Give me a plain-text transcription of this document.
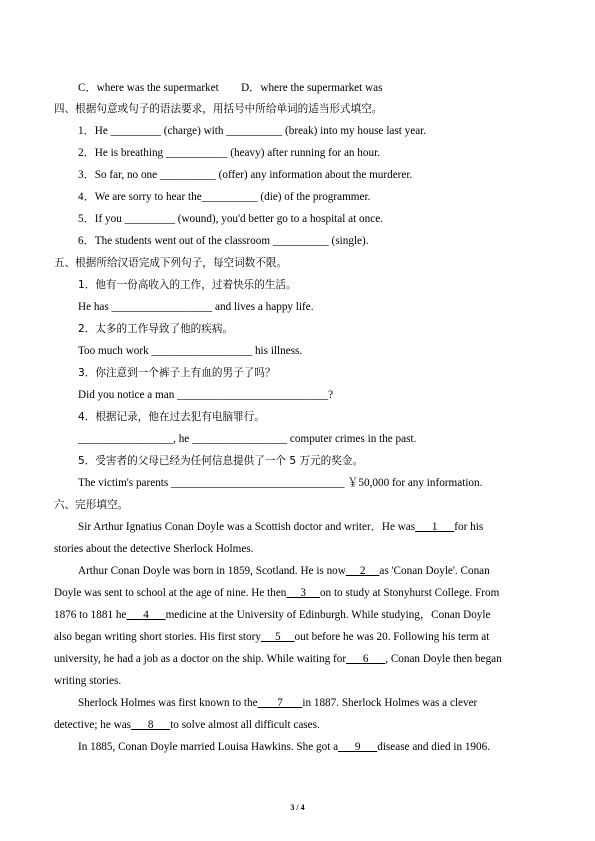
C．where was the supermarket        D．where the supermarket was
四、根据句意或句子的语法要求，用括号中所给单词的适当形式填空。
1．He _________ (charge) with __________ (break) into my house last year.
2．He is breathing ___________ (heavy) after running for an hour.
3．So far, no one __________ (offer) any information about the murderer.
4．We are sorry to hear the__________ (die) of the programmer.
5．If you _________ (wound), you'd better go to a hospital at once.
6．The students went out of the classroom __________ (single).
五、根据所给汉语完成下列句子，每空词数不限。
1．他有一份高收入的工作，过着快乐的生活。
He has __________________ and lives a happy life.
2．太多的工作导致了他的疾病。
Too much work __________________ his illness.
3．你注意到一个裤子上有血的男子了吗？
Did you notice a man ___________________________?
4．根据记录，他在过去犯有电脑罪行。
_________________, he _________________ computer crimes in the past.
5．受害者的父母已经为任何信息提供了一个 5 万元的奖金。
The victim's parents _______________________________ ￥50,000 for any information.
六、完形填空。
Sir Arthur Ignatius Conan Doyle was a Scottish doctor and writer．He was      1      for his
stories about the detective Sherlock Holmes.
Arthur Conan Doyle was born in 1859, Scotland. He is now     2     as 'Conan Doyle'. Conan
Doyle was sent to school at the age of nine. He then     3     on to study at Stonyhurst College. From
1876 to 1881 he      4      medicine at the University of Edinburgh. While studying，Conan Doyle
also began writing short stories. His first story     5     out before he was 20. Following his term at
university, he had a job as a doctor on the ship. While waiting for      6      , Conan Doyle then began
writing stories.
Sherlock Holmes was first known to the       7       in 1887. Sherlock Holmes was a clever
detective; he was      8      to solve almost all difficult cases.
In 1885, Conan Doyle married Louisa Hawkins. She got a      9      disease and died in 1906.
3 / 4
